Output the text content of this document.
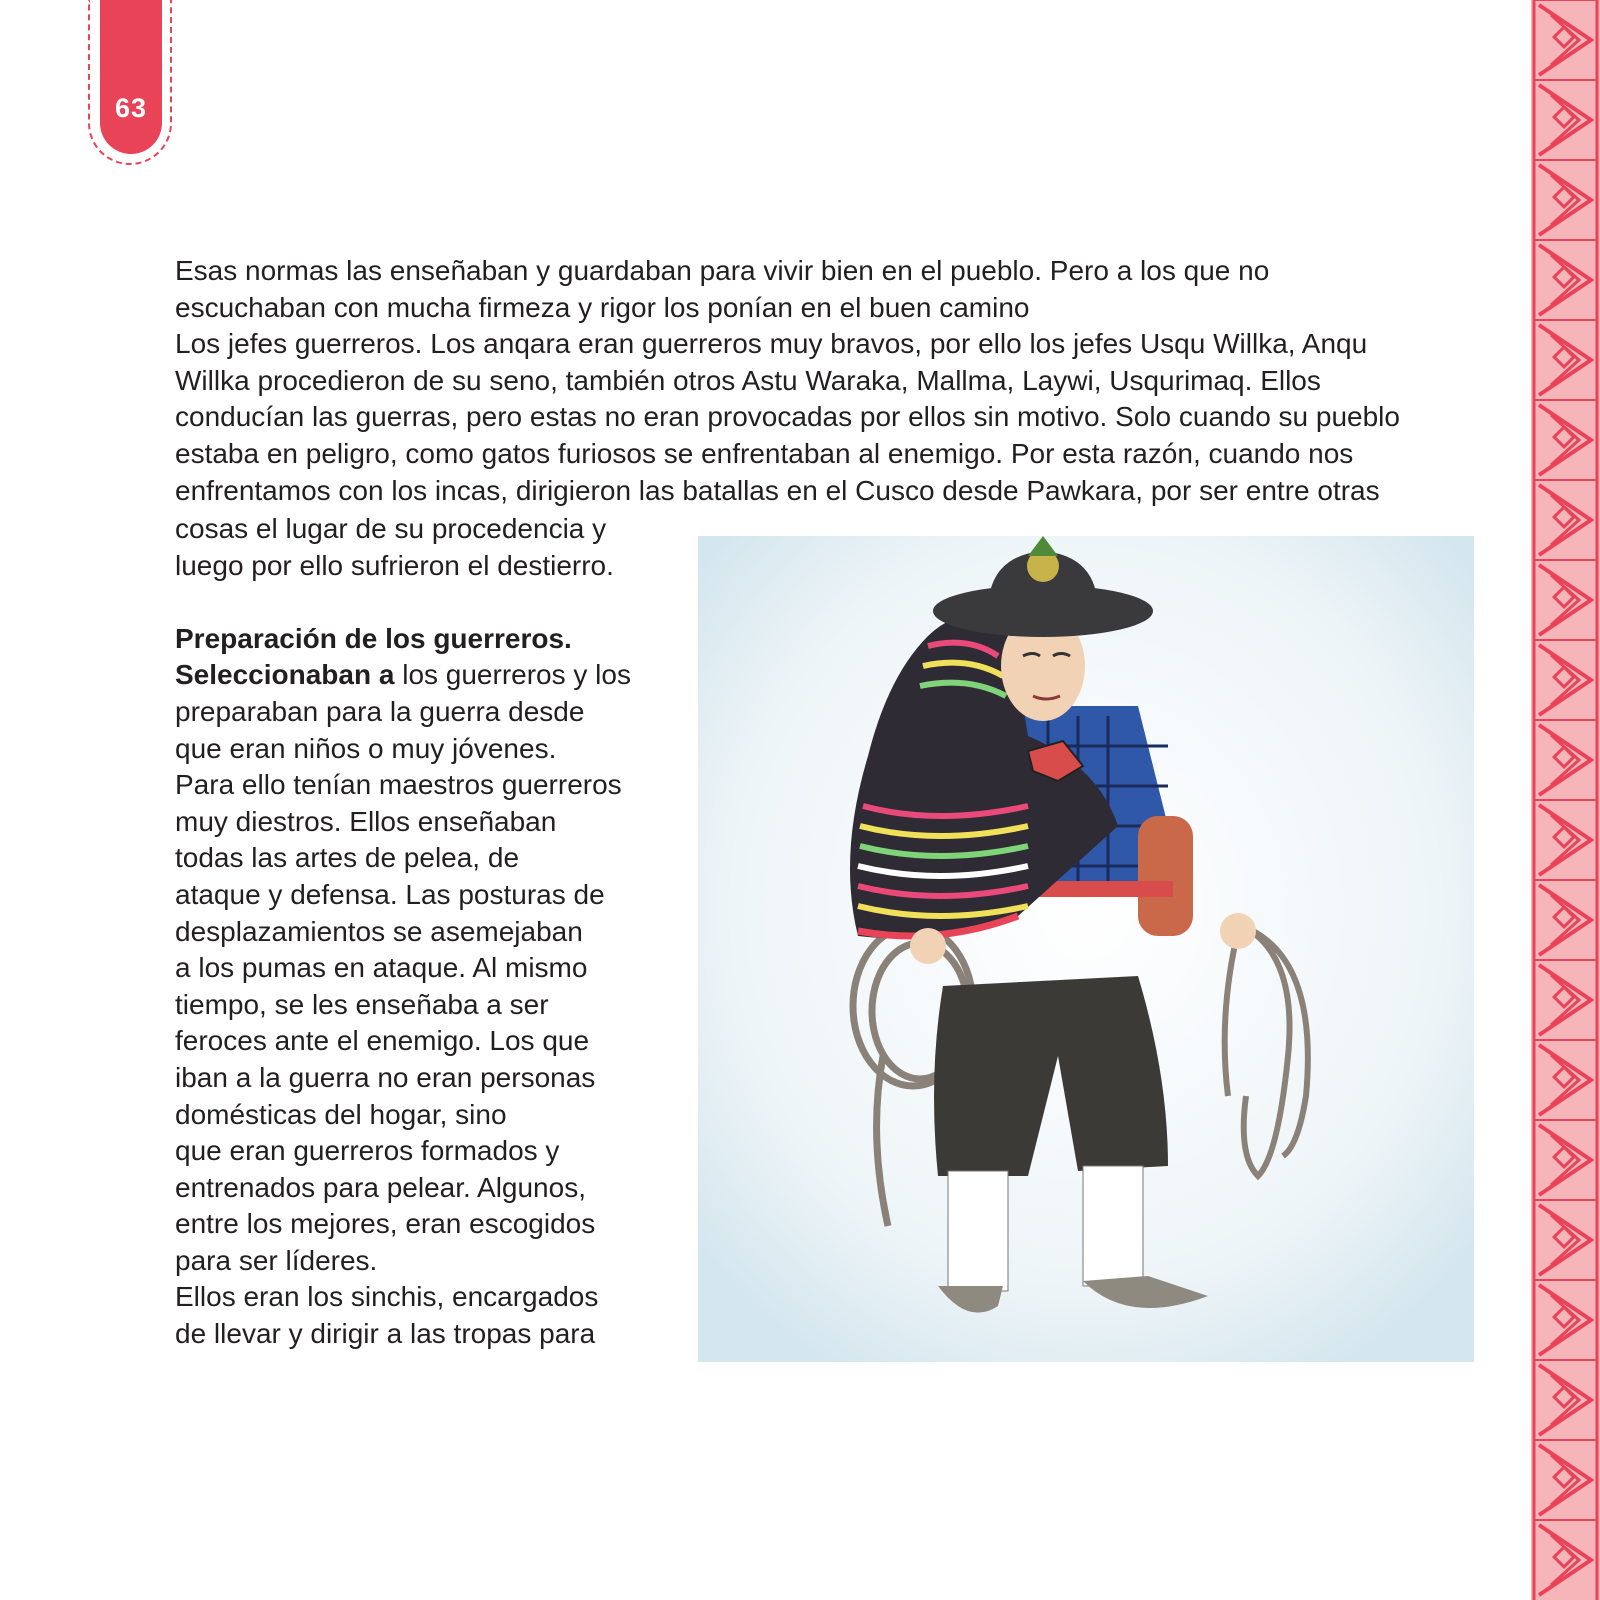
63

Esas normas las enseñaban y guardaban para vivir bien en el pueblo. Pero a los que no

escuchaban con mucha firmeza y rigor los ponían en el buen camino

Los jefes guerreros. Los anqara eran guerreros muy bravos, por ello los jefes Usqu Willka, Anqu

Willka procedieron de su seno, también otros Astu Waraka, Mallma, Laywi, Usqurimaq. Ellos

conducían las guerras, pero estas no eran provocadas por ellos sin motivo. Solo cuando su pueblo

estaba en peligro, como gatos furiosos se enfrentaban al enemigo. Por esta razón, cuando nos

enfrentamos con los incas, dirigieron las batallas en el Cusco desde Pawkara, por ser entre otras

cosas el lugar de su procedencia y

luego por ello sufrieron el destierro.

Preparación de los guerreros.

Seleccionaban a los guerreros y los

preparaban para la guerra desde

que eran niños o muy jóvenes.

Para ello tenían maestros guerreros

muy diestros. Ellos enseñaban

todas las artes de pelea, de

ataque y defensa. Las posturas de

desplazamientos se asemejaban

a los pumas en ataque. Al mismo

tiempo, se les enseñaba a ser

feroces ante el enemigo. Los que

iban a la guerra no eran personas

domésticas del hogar, sino

que eran guerreros formados y

entrenados para pelear. Algunos,

entre los mejores, eran escogidos

para ser líderes.

Ellos eran los sinchis, encargados

de llevar y dirigir a las tropas para
